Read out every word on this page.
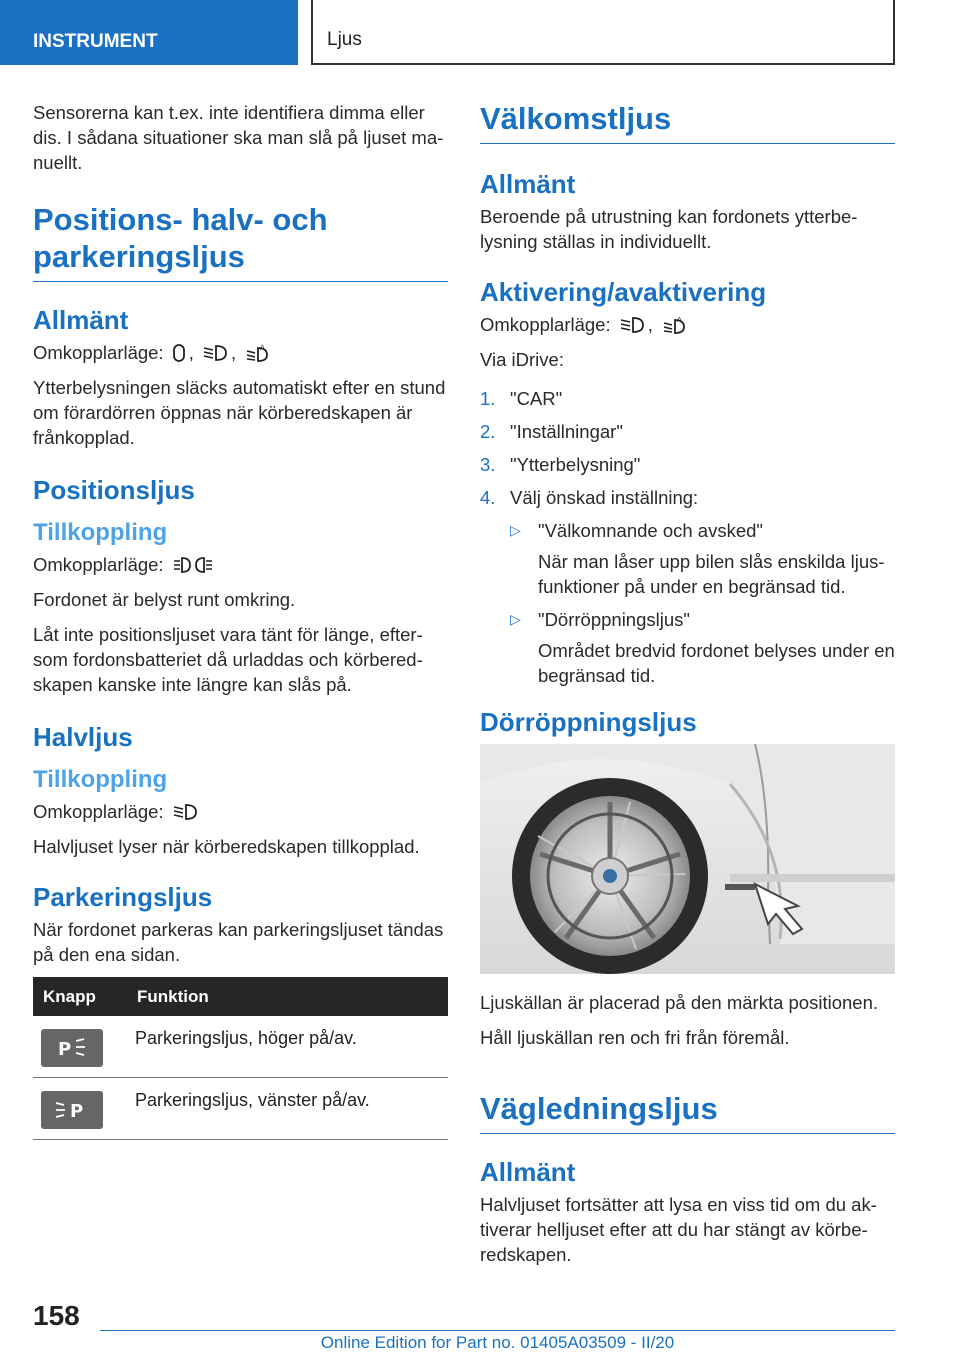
INSTRUMENT	Ljus

Sensorerna kan t.ex. inte identifiera dimma eller dis. I sådana situationer ska man slå på ljuset manuellt.

Positions- halv- och parkeringsljus
Allmänt

Omkopplarläge: ,
,	A

Ytterbelysningen släcks automatiskt efter en stund om förardörren öppnas när körberedskapen är frånkopplad.

Positionsljus
Tillkoppling

Omkopplarläge:

Fordonet är belyst runt omkring.

Låt inte positionsljuset vara tänt för länge, eftersom fordonsbatteriet då urladdas och körberedskapen kanske inte längre kan slås på.

Halvljus
Tillkoppling

Omkopplarläge:

Halvljuset lyser när körberedskapen tillkopplad.

Parkeringsljus

När fordonet parkeras kan parkeringsljuset tändas på den ena sidan.

Knapp	Funktion

P	Parkeringsljus, höger på/av.

P	Parkeringsljus, vänster på/av.
Välkomstljus
Allmänt

Beroende på utrustning kan fordonets ytterbelysning ställas in individuellt.

Aktivering/avaktivering

Omkopplarläge: ,	A

Via iDrive:

1. "CAR"
2. "Inställningar"
3. "Ytterbelysning"
4. Välj önskad inställning:
▷ "Välkomnande och avsked"
När man låser upp bilen slås enskilda ljusfunktioner på under en begränsad tid.
▷ "Dörröppningsljus"
Området bredvid fordonet belyses under en begränsad tid.
Dörröppningsljus

Ljuskällan är placerad på den märkta positionen.

Håll ljuskällan ren och fri från föremål.

Vägledningsljus
Allmänt

Halvljuset fortsätter att lysa en viss tid om du aktiverar helljuset efter att du har stängt av körberedskapen.

158
Online Edition for Part no. 01405A03509 - II/20
